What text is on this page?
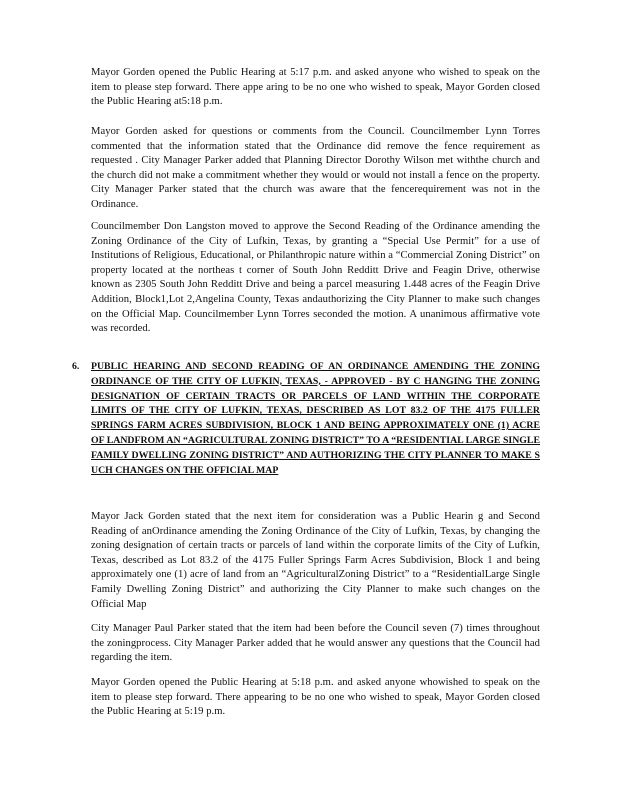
Mayor Gorden opened the Public Hearing at 5:17 p.m. and asked anyone who wished to speak on the item to please step forward. There appe aring to be no one who wished to speak, Mayor Gorden closed the Public Hearing at5:18 p.m.

Mayor Gorden asked for questions or comments from the Council. Councilmember Lynn Torres commented that the information stated that the Ordinance did remove the fence requirement as requested . City Manager Parker added that Planning Director Dorothy Wilson met withthe church and the church did not make a commitment whether they would or would not install a fence on the property. City Manager Parker stated that the church was aware that the fencerequirement was not in the Ordinance.

Councilmember Don Langston moved to approve the Second Reading of the Ordinance amending the Zoning Ordinance of the City of Lufkin, Texas, by granting a “Special Use Permit” for a use of Institutions of Religious, Educational, or Philanthropic nature within a “Commercial Zoning District” on property located at the northeas t corner of South John Redditt Drive and Feagin Drive, otherwise known as 2305 South John Redditt Drive and being a parcel measuring 1.448 acres of the Feagin Drive Addition, Block1,Lot 2,Angelina County, Texas andauthorizing the City Planner to make such changes on the Official Map. Councilmember Lynn Torres seconded the motion. A unanimous affirmative vote was recorded.

6. PUBLIC HEARING AND SECOND READING OF AN ORDINANCE AMENDING THE ZONING ORDINANCE OF THE CITY OF LUFKIN, TEXAS, - APPROVED - BY C HANGING THE ZONING DESIGNATION OF CERTAIN TRACTS OR PARCELS OF LAND WITHIN THE CORPORATE LIMITS OF THE CITY OF LUFKIN, TEXAS, DESCRIBED AS LOT 83.2 OF THE 4175 FULLER SPRINGS FARM ACRES SUBDIVISION, BLOCK 1 AND BEING APPROXIMATELY ONE (1) ACRE OF LANDFROM AN “AGRICULTURAL ZONING DISTRICT” TO A “RESIDENTIAL LARGE SINGLE FAMILY DWELLING ZONING DISTRICT” AND AUTHORIZING THE CITY PLANNER TO MAKE S UCH CHANGES ON THE OFFICIAL MAP

Mayor Jack Gorden stated that the next item for consideration was a Public Hearin g and Second Reading of anOrdinance amending the Zoning Ordinance of the City of Lufkin, Texas, by changing the zoning designation of certain tracts or parcels of land within the corporate limits of the City of Lufkin, Texas, described as Lot 83.2 of the 4175 Fuller Springs Farm Acres Subdivision, Block 1 and being approximately one (1) acre of land from an “AgriculturalZoning District” to a “ResidentialLarge Single Family Dwelling Zoning District” and authorizing the City Planner to make such changes on the Official Map

City Manager Paul Parker stated that the item had been before the Council seven (7) times throughout the zoningprocess. City Manager Parker added that he would answer any questions that the Council had regarding the item.

Mayor Gorden opened the Public Hearing at 5:18 p.m. and asked anyone whowished to speak on the item to please step forward. There appearing to be no one who wished to speak, Mayor Gorden closed the Public Hearing at 5:19 p.m.
